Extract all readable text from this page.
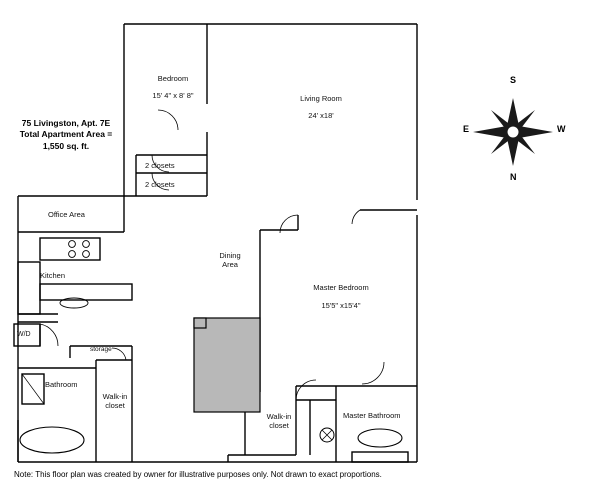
75 Livingston, Apt. 7E
Total Apartment Area =
1,550 sq. ft.
Bedroom
15' 4" x 8' 8"	Living Room
24' x18'
Office Area
Kitchen
Dining
Area
Master Bedroom
15'5" x15'4"
Bathroom
Walk-in
closet
Walk-in
closet
Master Bathroom
2 closets
2 closets
W/D
storage
S
N
E	W
Note: This floor plan was created by owner for illustrative purposes only. Not drawn to exact proportions.
